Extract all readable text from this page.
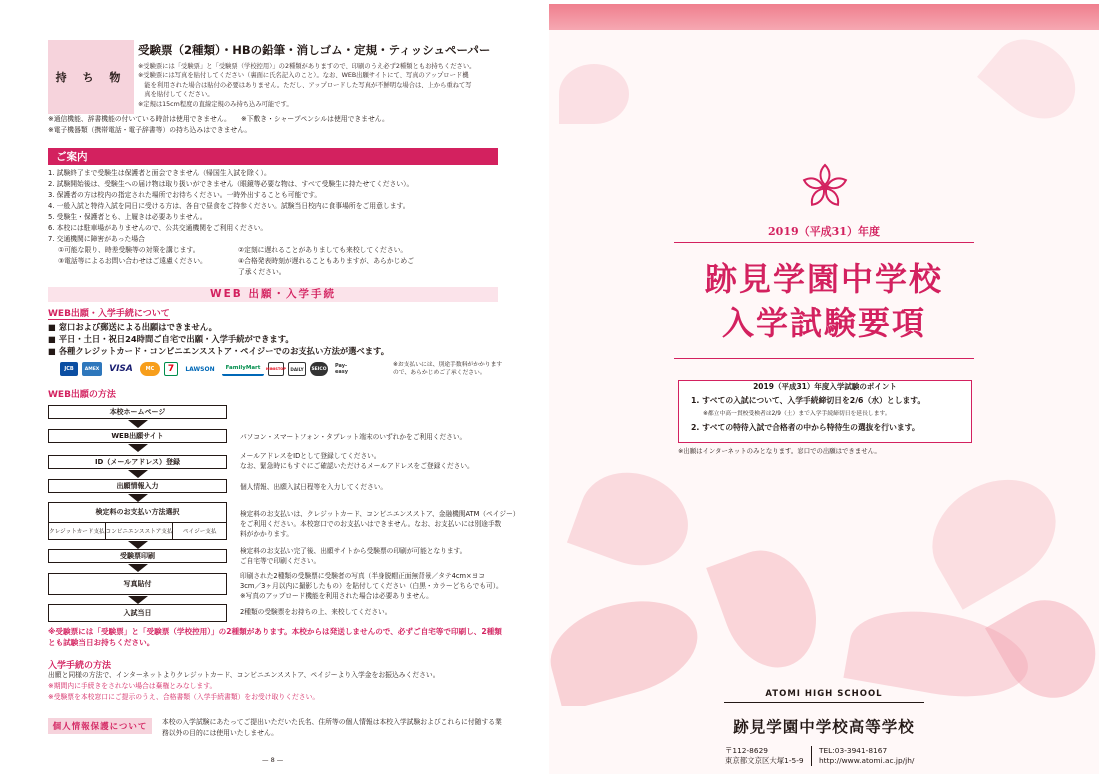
持 ち 物
受験票（2種類）・HBの鉛筆・消しゴム・定規・ティッシュペーパー
※受験票には「受験票」と「受験票（学校控用）」の2種類がありますので、印刷のうえ必ず2種類ともお持ちください。
※受験票には写真を貼付してください（裏面に氏名記入のこと）。なお、WEB出願サイトにて、写真のアップロード機
　能を利用された場合は貼付の必要はありません。ただし、アップロードした写真が不鮮明な場合は、上から重ねて写
　真を貼付してください。
※定規は15cm程度の直線定規のみ持ち込み可能です。
※通信機能、辞書機能の付いている時計は使用できません。　　 ※下敷き・シャープペンシルは使用できません。
※電子機器類（携帯電話・電子辞書等）の持ち込みはできません。
ご案内
1. 試験終了まで受験生は保護者と面会できません（帰国生入試を除く）。
2. 試験開始後は、受験生への届け物は取り扱いができません（眼鏡等必要な物は、すべて受験生に持たせてください）。
3. 保護者の方は校内の指定された場所でお待ちください。一時外出することも可能です。
4. 一般入試と特待入試を同日に受ける方は、各自で昼食をご持参ください。試験当日校内に食事場所をご用意します。
5. 受験生・保護者とも、上履きは必要ありません。
6. 本校には駐車場がありませんので、公共交通機関をご利用ください。
7. 交通機関に障害があった場合
①可能な限り、時差受験等の対策を講じます。	②定刻に遅れることがありましても来校してください。
③電話等によるお問い合わせはご遠慮ください。	④合格発表時刻が遅れることもありますが、あらかじめご了承ください。
WEB 出願・入学手続
WEB出願・入学手続について
■ 窓口および郵送による出願はできません。
■ 平日・土日・祝日24時間ご自宅で出願・入学手続ができます。
■ 各種クレジットカード・コンビニエンスストア・ペイジーでのお支払い方法が選べます。
JCB	AMEX	VISA	MC	7	LAWSON	FamilyMart	MINISTOP	DAILY	SEICO	Pay-easy
※お支払いには、別途手数料がかかりますので、あらかじめご了承ください。
WEB出願の方法
本校ホームページ
WEB出願サイト	パソコン・スマートフォン・タブレット端末のいずれかをご利用ください。
ID（メールアドレス）登録
メールアドレスをIDとして登録してください。
なお、緊急時にもすぐにご確認いただけるメールアドレスをご登録ください。
出願情報入力	個人情報、出願入試日程等を入力してください。
検定料のお支払い方法選択
クレジットカード支払 コンビニエンスストア支払	ペイジー支払
検定料のお支払いは、クレジットカード、コンビニエンスストア、金融機関ATM（ペイジー）
をご利用ください。本校窓口でのお支払いはできません。なお、お支払いには別途手数
料がかかります。
受験票印刷
検定料のお支払い完了後、出願サイトから受験票の印刷が可能となります。
ご自宅等で印刷ください。
写真貼付
印刷された2種類の受験票に受験者の写真（半身脱帽正面無背景／タテ4cm×ヨコ
3cm／3ヶ月以内に撮影したもの）を貼付してください（白黒・カラーどちらでも可）。
※写真のアップロード機能を利用された場合は必要ありません。
入試当日	2種類の受験票をお持ちの上、来校してください。
※受験票には「受験票」と「受験票（学校控用）」の2種類があります。本校からは発送しませんので、必ずご自宅等で印刷し、2種類とも試験当日お持ちください。
入学手続の方法
出願と同様の方法で、インターネットよりクレジットカード、コンビニエンスストア、ペイジーより入学金をお振込みください。
※期間内に手続きをされない場合は棄権とみなします。
※受験票を本校窓口にご提示のうえ、合格書類（入学手続書類）をお受け取りください。
個人情報保護について	本校の入学試験にあたってご提出いただいた氏名、住所等の個人情報は本校入学試験およびこれらに付随する業務以外の目的には使用いたしません。
— 8 —
2019（平成31）年度
跡見学園中学校
入学試験要項
2019（平成31）年度入学試験のポイント
1. すべての入試について、入学手続締切日を2/6（水）とします。
※都立中高一貫校受検者は2/9（土）まで入学手続締切日を延長します。
2. すべての特待入試で合格者の中から特待生の選抜を行います。
※出願はインターネットのみとなります。窓口での出願はできません。
ATOMI HIGH SCHOOL
跡見学園中学校高等学校
〒112-8629
東京都文京区大塚1-5-9
TEL:03-3941-8167
http://www.atomi.ac.jp/jh/
